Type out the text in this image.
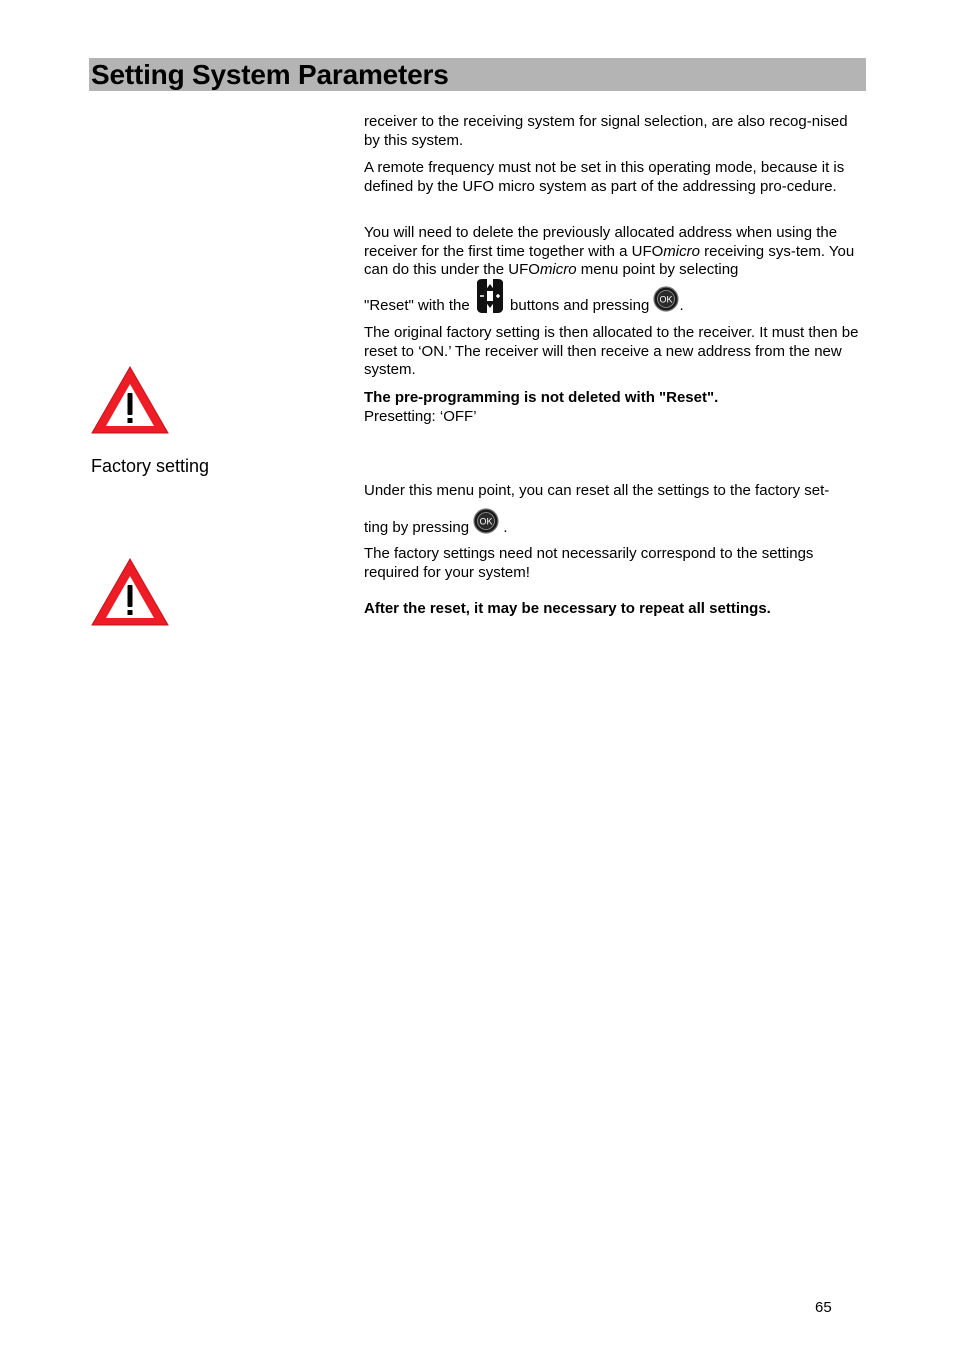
Setting System Parameters

receiver to the receiving system for signal selection, are also recog-nised by this system.

A remote frequency must not be set in this operating mode, because it is defined by the UFO micro system as part of the addressing pro-cedure.

You will need to delete the previously allocated address when using the receiver for the first time together with a UFOmicro receiving sys-tem. You can do this under the UFOmicro menu point by selecting

"Reset" with the  buttons and pressing OK .

The original factory setting is then allocated to the receiver. It must then be reset to ‘ON.’ The receiver will then receive a new address from the new system.

The pre-programming is not deleted with "Reset".
Presetting: ‘OFF’

Factory setting

Under this menu point, you can reset all the settings to the factory set-

ting by pressing OK .

The factory settings need not necessarily correspond to the settings required for your system!

After the reset, it may be necessary to repeat all settings.

65
